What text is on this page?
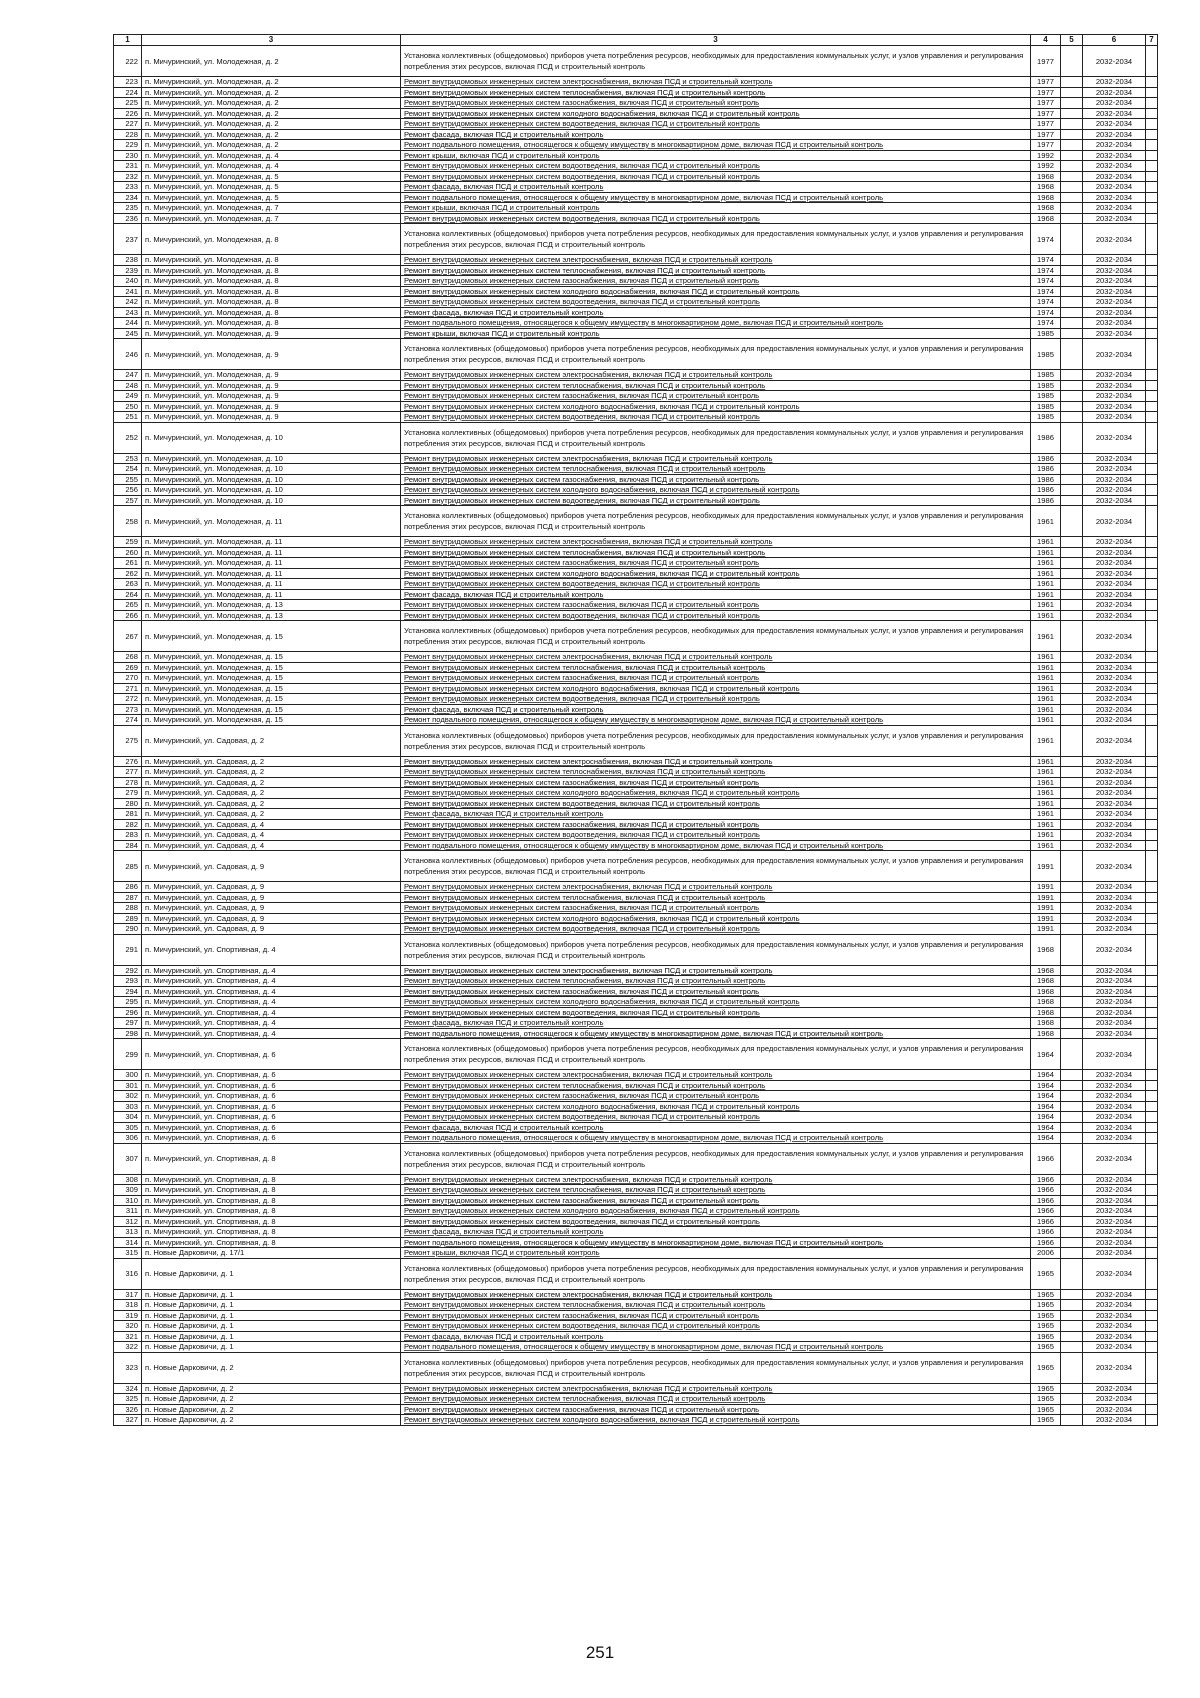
1	3	3	4	5	6	7
222	п. Мичуринский, ул. Молодежная, д. 2	Установка коллективных (общедомовых) приборов учета потребления ресурсов, необходимых для предоставления коммунальных услуг, и узлов управления и регулирования потребления этих ресурсов, включая ПСД и строительный контроль	1977		2032-2034	
223	п. Мичуринский, ул. Молодежная, д. 2	Ремонт внутридомовых инженерных систем электроснабжения, включая ПСД и строительный контроль	1977		2032-2034	
224	п. Мичуринский, ул. Молодежная, д. 2	Ремонт внутридомовых инженерных систем теплоснабжения, включая ПСД и строительный контроль	1977		2032-2034	
225	п. Мичуринский, ул. Молодежная, д. 2	Ремонт внутридомовых инженерных систем газоснабжения, включая ПСД и строительный контроль	1977		2032-2034	
226	п. Мичуринский, ул. Молодежная, д. 2	Ремонт внутридомовых инженерных систем холодного водоснабжения, включая ПСД и строительный контроль	1977		2032-2034	
227	п. Мичуринский, ул. Молодежная, д. 2	Ремонт внутридомовых инженерных систем водоотведения, включая ПСД и строительный контроль	1977		2032-2034	
228	п. Мичуринский, ул. Молодежная, д. 2	Ремонт фасада, включая ПСД и строительный контроль	1977		2032-2034	
229	п. Мичуринский, ул. Молодежная, д. 2	Ремонт подвального помещения, относящегося к общему имуществу в многоквартирном доме, включая ПСД и строительный контроль	1977		2032-2034	
230	п. Мичуринский, ул. Молодежная, д. 4	Ремонт крыши, включая ПСД и строительный контроль	1992		2032-2034	
231	п. Мичуринский, ул. Молодежная, д. 4	Ремонт внутридомовых инженерных систем водоотведения, включая ПСД и строительный контроль	1992		2032-2034	
232	п. Мичуринский, ул. Молодежная, д. 5	Ремонт внутридомовых инженерных систем водоотведения, включая ПСД и строительный контроль	1968		2032-2034	
233	п. Мичуринский, ул. Молодежная, д. 5	Ремонт фасада, включая ПСД и строительный контроль	1968		2032-2034	
234	п. Мичуринский, ул. Молодежная, д. 5	Ремонт подвального помещения, относящегося к общему имуществу в многоквартирном доме, включая ПСД и строительный контроль	1968		2032-2034	
235	п. Мичуринский, ул. Молодежная, д. 7	Ремонт крыши, включая ПСД и строительный контроль	1968		2032-2034	
236	п. Мичуринский, ул. Молодежная, д. 7	Ремонт внутридомовых инженерных систем водоотведения, включая ПСД и строительный контроль	1968		2032-2034	
237	п. Мичуринский, ул. Молодежная, д. 8	Установка коллективных (общедомовых) приборов учета потребления ресурсов, необходимых для предоставления коммунальных услуг, и узлов управления и регулирования потребления этих ресурсов, включая ПСД и строительный контроль	1974		2032-2034	
238	п. Мичуринский, ул. Молодежная, д. 8	Ремонт внутридомовых инженерных систем электроснабжения, включая ПСД и строительный контроль	1974		2032-2034	
239	п. Мичуринский, ул. Молодежная, д. 8	Ремонт внутридомовых инженерных систем теплоснабжения, включая ПСД и строительный контроль	1974		2032-2034	
240	п. Мичуринский, ул. Молодежная, д. 8	Ремонт внутридомовых инженерных систем газоснабжения, включая ПСД и строительный контроль	1974		2032-2034	
241	п. Мичуринский, ул. Молодежная, д. 8	Ремонт внутридомовых инженерных систем холодного водоснабжения, включая ПСД и строительный контроль	1974		2032-2034	
242	п. Мичуринский, ул. Молодежная, д. 8	Ремонт внутридомовых инженерных систем водоотведения, включая ПСД и строительный контроль	1974		2032-2034	
243	п. Мичуринский, ул. Молодежная, д. 8	Ремонт фасада, включая ПСД и строительный контроль	1974		2032-2034	
244	п. Мичуринский, ул. Молодежная, д. 8	Ремонт подвального помещения, относящегося к общему имуществу в многоквартирном доме, включая ПСД и строительный контроль	1974		2032-2034	
245	п. Мичуринский, ул. Молодежная, д. 9	Ремонт крыши, включая ПСД и строительный контроль	1985		2032-2034	
246	п. Мичуринский, ул. Молодежная, д. 9	Установка коллективных (общедомовых) приборов учета потребления ресурсов, необходимых для предоставления коммунальных услуг, и узлов управления и регулирования потребления этих ресурсов, включая ПСД и строительный контроль	1985		2032-2034	
247	п. Мичуринский, ул. Молодежная, д. 9	Ремонт внутридомовых инженерных систем электроснабжения, включая ПСД и строительный контроль	1985		2032-2034	
248	п. Мичуринский, ул. Молодежная, д. 9	Ремонт внутридомовых инженерных систем теплоснабжения, включая ПСД и строительный контроль	1985		2032-2034	
249	п. Мичуринский, ул. Молодежная, д. 9	Ремонт внутридомовых инженерных систем газоснабжения, включая ПСД и строительный контроль	1985		2032-2034	
250	п. Мичуринский, ул. Молодежная, д. 9	Ремонт внутридомовых инженерных систем холодного водоснабжения, включая ПСД и строительный контроль	1985		2032-2034	
251	п. Мичуринский, ул. Молодежная, д. 9	Ремонт внутридомовых инженерных систем водоотведения, включая ПСД и строительный контроль	1985		2032-2034	
252	п. Мичуринский, ул. Молодежная, д. 10	Установка коллективных (общедомовых) приборов учета потребления ресурсов, необходимых для предоставления коммунальных услуг, и узлов управления и регулирования потребления этих ресурсов, включая ПСД и строительный контроль	1986		2032-2034	
253	п. Мичуринский, ул. Молодежная, д. 10	Ремонт внутридомовых инженерных систем электроснабжения, включая ПСД и строительный контроль	1986		2032-2034	
254	п. Мичуринский, ул. Молодежная, д. 10	Ремонт внутридомовых инженерных систем теплоснабжения, включая ПСД и строительный контроль	1986		2032-2034	
255	п. Мичуринский, ул. Молодежная, д. 10	Ремонт внутридомовых инженерных систем газоснабжения, включая ПСД и строительный контроль	1986		2032-2034	
256	п. Мичуринский, ул. Молодежная, д. 10	Ремонт внутридомовых инженерных систем холодного водоснабжения, включая ПСД и строительный контроль	1986		2032-2034	
257	п. Мичуринский, ул. Молодежная, д. 10	Ремонт внутридомовых инженерных систем водоотведения, включая ПСД и строительный контроль	1986		2032-2034	
258	п. Мичуринский, ул. Молодежная, д. 11	Установка коллективных (общедомовых) приборов учета потребления ресурсов, необходимых для предоставления коммунальных услуг, и узлов управления и регулирования потребления этих ресурсов, включая ПСД и строительный контроль	1961		2032-2034	
259	п. Мичуринский, ул. Молодежная, д. 11	Ремонт внутридомовых инженерных систем электроснабжения, включая ПСД и строительный контроль	1961		2032-2034	
260	п. Мичуринский, ул. Молодежная, д. 11	Ремонт внутридомовых инженерных систем теплоснабжения, включая ПСД и строительный контроль	1961		2032-2034	
261	п. Мичуринский, ул. Молодежная, д. 11	Ремонт внутридомовых инженерных систем газоснабжения, включая ПСД и строительный контроль	1961		2032-2034	
262	п. Мичуринский, ул. Молодежная, д. 11	Ремонт внутридомовых инженерных систем холодного водоснабжения, включая ПСД и строительный контроль	1961		2032-2034	
263	п. Мичуринский, ул. Молодежная, д. 11	Ремонт внутридомовых инженерных систем водоотведения, включая ПСД и строительный контроль	1961		2032-2034	
264	п. Мичуринский, ул. Молодежная, д. 11	Ремонт фасада, включая ПСД и строительный контроль	1961		2032-2034	
265	п. Мичуринский, ул. Молодежная, д. 13	Ремонт внутридомовых инженерных систем газоснабжения, включая ПСД и строительный контроль	1961		2032-2034	
266	п. Мичуринский, ул. Молодежная, д. 13	Ремонт внутридомовых инженерных систем водоотведения, включая ПСД и строительный контроль	1961		2032-2034	
267	п. Мичуринский, ул. Молодежная, д. 15	Установка коллективных (общедомовых) приборов учета потребления ресурсов, необходимых для предоставления коммунальных услуг, и узлов управления и регулирования потребления этих ресурсов, включая ПСД и строительный контроль	1961		2032-2034	
268	п. Мичуринский, ул. Молодежная, д. 15	Ремонт внутридомовых инженерных систем электроснабжения, включая ПСД и строительный контроль	1961		2032-2034	
269	п. Мичуринский, ул. Молодежная, д. 15	Ремонт внутридомовых инженерных систем теплоснабжения, включая ПСД и строительный контроль	1961		2032-2034	
270	п. Мичуринский, ул. Молодежная, д. 15	Ремонт внутридомовых инженерных систем газоснабжения, включая ПСД и строительный контроль	1961		2032-2034	
271	п. Мичуринский, ул. Молодежная, д. 15	Ремонт внутридомовых инженерных систем холодного водоснабжения, включая ПСД и строительный контроль	1961		2032-2034	
272	п. Мичуринский, ул. Молодежная, д. 15	Ремонт внутридомовых инженерных систем водоотведения, включая ПСД и строительный контроль	1961		2032-2034	
273	п. Мичуринский, ул. Молодежная, д. 15	Ремонт фасада, включая ПСД и строительный контроль	1961		2032-2034	
274	п. Мичуринский, ул. Молодежная, д. 15	Ремонт подвального помещения, относящегося к общему имуществу в многоквартирном доме, включая ПСД и строительный контроль	1961		2032-2034	
275	п. Мичуринский, ул. Садовая, д. 2	Установка коллективных (общедомовых) приборов учета потребления ресурсов, необходимых для предоставления коммунальных услуг, и узлов управления и регулирования потребления этих ресурсов, включая ПСД и строительный контроль	1961		2032-2034	
276	п. Мичуринский, ул. Садовая, д. 2	Ремонт внутридомовых инженерных систем электроснабжения, включая ПСД и строительный контроль	1961		2032-2034	
277	п. Мичуринский, ул. Садовая, д. 2	Ремонт внутридомовых инженерных систем теплоснабжения, включая ПСД и строительный контроль	1961		2032-2034	
278	п. Мичуринский, ул. Садовая, д. 2	Ремонт внутридомовых инженерных систем газоснабжения, включая ПСД и строительный контроль	1961		2032-2034	
279	п. Мичуринский, ул. Садовая, д. 2	Ремонт внутридомовых инженерных систем холодного водоснабжения, включая ПСД и строительный контроль	1961		2032-2034	
280	п. Мичуринский, ул. Садовая, д. 2	Ремонт внутридомовых инженерных систем водоотведения, включая ПСД и строительный контроль	1961		2032-2034	
281	п. Мичуринский, ул. Садовая, д. 2	Ремонт фасада, включая ПСД и строительный контроль	1961		2032-2034	
282	п. Мичуринский, ул. Садовая, д. 4	Ремонт внутридомовых инженерных систем газоснабжения, включая ПСД и строительный контроль	1961		2032-2034	
283	п. Мичуринский, ул. Садовая, д. 4	Ремонт внутридомовых инженерных систем водоотведения, включая ПСД и строительный контроль	1961		2032-2034	
284	п. Мичуринский, ул. Садовая, д. 4	Ремонт подвального помещения, относящегося к общему имуществу в многоквартирном доме, включая ПСД и строительный контроль	1961		2032-2034	
285	п. Мичуринский, ул. Садовая, д. 9	Установка коллективных (общедомовых) приборов учета потребления ресурсов, необходимых для предоставления коммунальных услуг, и узлов управления и регулирования потребления этих ресурсов, включая ПСД и строительный контроль	1991		2032-2034	
286	п. Мичуринский, ул. Садовая, д. 9	Ремонт внутридомовых инженерных систем электроснабжения, включая ПСД и строительный контроль	1991		2032-2034	
287	п. Мичуринский, ул. Садовая, д. 9	Ремонт внутридомовых инженерных систем теплоснабжения, включая ПСД и строительный контроль	1991		2032-2034	
288	п. Мичуринский, ул. Садовая, д. 9	Ремонт внутридомовых инженерных систем газоснабжения, включая ПСД и строительный контроль	1991		2032-2034	
289	п. Мичуринский, ул. Садовая, д. 9	Ремонт внутридомовых инженерных систем холодного водоснабжения, включая ПСД и строительный контроль	1991		2032-2034	
290	п. Мичуринский, ул. Садовая, д. 9	Ремонт внутридомовых инженерных систем водоотведения, включая ПСД и строительный контроль	1991		2032-2034	
291	п. Мичуринский, ул. Спортивная, д. 4	Установка коллективных (общедомовых) приборов учета потребления ресурсов, необходимых для предоставления коммунальных услуг, и узлов управления и регулирования потребления этих ресурсов, включая ПСД и строительный контроль	1968		2032-2034	
292	п. Мичуринский, ул. Спортивная, д. 4	Ремонт внутридомовых инженерных систем электроснабжения, включая ПСД и строительный контроль	1968		2032-2034	
293	п. Мичуринский, ул. Спортивная, д. 4	Ремонт внутридомовых инженерных систем теплоснабжения, включая ПСД и строительный контроль	1968		2032-2034	
294	п. Мичуринский, ул. Спортивная, д. 4	Ремонт внутридомовых инженерных систем газоснабжения, включая ПСД и строительный контроль	1968		2032-2034	
295	п. Мичуринский, ул. Спортивная, д. 4	Ремонт внутридомовых инженерных систем холодного водоснабжения, включая ПСД и строительный контроль	1968		2032-2034	
296	п. Мичуринский, ул. Спортивная, д. 4	Ремонт внутридомовых инженерных систем водоотведения, включая ПСД и строительный контроль	1968		2032-2034	
297	п. Мичуринский, ул. Спортивная, д. 4	Ремонт фасада, включая ПСД и строительный контроль	1968		2032-2034	
298	п. Мичуринский, ул. Спортивная, д. 4	Ремонт подвального помещения, относящегося к общему имуществу в многоквартирном доме, включая ПСД и строительный контроль	1968		2032-2034	
299	п. Мичуринский, ул. Спортивная, д. 6	Установка коллективных (общедомовых) приборов учета потребления ресурсов, необходимых для предоставления коммунальных услуг, и узлов управления и регулирования потребления этих ресурсов, включая ПСД и строительный контроль	1964		2032-2034	
300	п. Мичуринский, ул. Спортивная, д. 6	Ремонт внутридомовых инженерных систем электроснабжения, включая ПСД и строительный контроль	1964		2032-2034	
301	п. Мичуринский, ул. Спортивная, д. 6	Ремонт внутридомовых инженерных систем теплоснабжения, включая ПСД и строительный контроль	1964		2032-2034	
302	п. Мичуринский, ул. Спортивная, д. 6	Ремонт внутридомовых инженерных систем газоснабжения, включая ПСД и строительный контроль	1964		2032-2034	
303	п. Мичуринский, ул. Спортивная, д. 6	Ремонт внутридомовых инженерных систем холодного водоснабжения, включая ПСД и строительный контроль	1964		2032-2034	
304	п. Мичуринский, ул. Спортивная, д. 6	Ремонт внутридомовых инженерных систем водоотведения, включая ПСД и строительный контроль	1964		2032-2034	
305	п. Мичуринский, ул. Спортивная, д. 6	Ремонт фасада, включая ПСД и строительный контроль	1964		2032-2034	
306	п. Мичуринский, ул. Спортивная, д. 6	Ремонт подвального помещения, относящегося к общему имуществу в многоквартирном доме, включая ПСД и строительный контроль	1964		2032-2034	
307	п. Мичуринский, ул. Спортивная, д. 8	Установка коллективных (общедомовых) приборов учета потребления ресурсов, необходимых для предоставления коммунальных услуг, и узлов управления и регулирования потребления этих ресурсов, включая ПСД и строительный контроль	1966		2032-2034	
308	п. Мичуринский, ул. Спортивная, д. 8	Ремонт внутридомовых инженерных систем электроснабжения, включая ПСД и строительный контроль	1966		2032-2034	
309	п. Мичуринский, ул. Спортивная, д. 8	Ремонт внутридомовых инженерных систем теплоснабжения, включая ПСД и строительный контроль	1966		2032-2034	
310	п. Мичуринский, ул. Спортивная, д. 8	Ремонт внутридомовых инженерных систем газоснабжения, включая ПСД и строительный контроль	1966		2032-2034	
311	п. Мичуринский, ул. Спортивная, д. 8	Ремонт внутридомовых инженерных систем холодного водоснабжения, включая ПСД и строительный контроль	1966		2032-2034	
312	п. Мичуринский, ул. Спортивная, д. 8	Ремонт внутридомовых инженерных систем водоотведения, включая ПСД и строительный контроль	1966		2032-2034	
313	п. Мичуринский, ул. Спортивная, д. 8	Ремонт фасада, включая ПСД и строительный контроль	1966		2032-2034	
314	п. Мичуринский, ул. Спортивная, д. 8	Ремонт подвального помещения, относящегося к общему имуществу в многоквартирном доме, включая ПСД и строительный контроль	1966		2032-2034	
315	п. Новые Дарковичи, д. 17/1	Ремонт крыши, включая ПСД и строительный контроль	2006		2032-2034	
316	п. Новые Дарковичи, д. 1	Установка коллективных (общедомовых) приборов учета потребления ресурсов, необходимых для предоставления коммунальных услуг, и узлов управления и регулирования потребления этих ресурсов, включая ПСД и строительный контроль	1965		2032-2034	
317	п. Новые Дарковичи, д. 1	Ремонт внутридомовых инженерных систем электроснабжения, включая ПСД и строительный контроль	1965		2032-2034	
318	п. Новые Дарковичи, д. 1	Ремонт внутридомовых инженерных систем теплоснабжения, включая ПСД и строительный контроль	1965		2032-2034	
319	п. Новые Дарковичи, д. 1	Ремонт внутридомовых инженерных систем газоснабжения, включая ПСД и строительный контроль	1965		2032-2034	
320	п. Новые Дарковичи, д. 1	Ремонт внутридомовых инженерных систем водоотведения, включая ПСД и строительный контроль	1965		2032-2034	
321	п. Новые Дарковичи, д. 1	Ремонт фасада, включая ПСД и строительный контроль	1965		2032-2034	
322	п. Новые Дарковичи, д. 1	Ремонт подвального помещения, относящегося к общему имуществу в многоквартирном доме, включая ПСД и строительный контроль	1965		2032-2034	
323	п. Новые Дарковичи, д. 2	Установка коллективных (общедомовых) приборов учета потребления ресурсов, необходимых для предоставления коммунальных услуг, и узлов управления и регулирования потребления этих ресурсов, включая ПСД и строительный контроль	1965		2032-2034	
324	п. Новые Дарковичи, д. 2	Ремонт внутридомовых инженерных систем электроснабжения, включая ПСД и строительный контроль	1965		2032-2034	
325	п. Новые Дарковичи, д. 2	Ремонт внутридомовых инженерных систем теплоснабжения, включая ПСД и строительный контроль	1965		2032-2034	
326	п. Новые Дарковичи, д. 2	Ремонт внутридомовых инженерных систем газоснабжения, включая ПСД и строительный контроль	1965		2032-2034	
327	п. Новые Дарковичи, д. 2	Ремонт внутридомовых инженерных систем холодного водоснабжения, включая ПСД и строительный контроль	1965		2032-2034	
251
